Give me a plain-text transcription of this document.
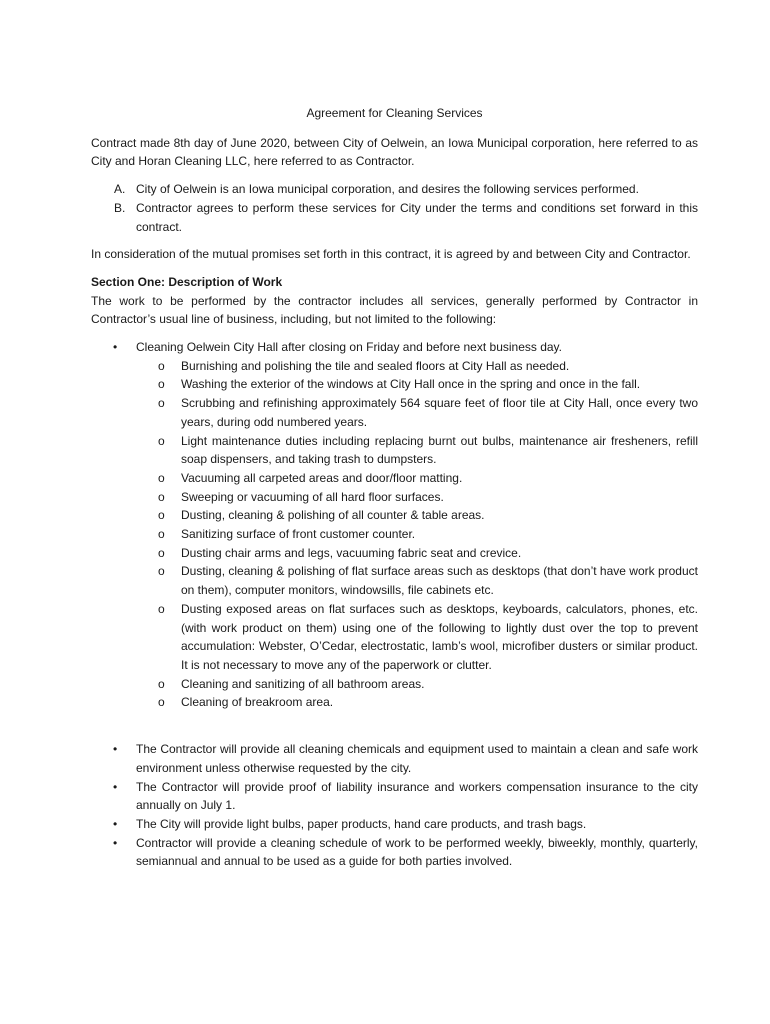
Agreement for Cleaning Services

Contract made 8th day of June 2020, between City of Oelwein, an Iowa Municipal corporation, here referred to as City and Horan Cleaning LLC, here referred to as Contractor.

A. City of Oelwein is an Iowa municipal corporation, and desires the following services performed.
B. Contractor agrees to perform these services for City under the terms and conditions set forward in this contract.

In consideration of the mutual promises set forth in this contract, it is agreed by and between City and Contractor.

Section One: Description of Work

The work to be performed by the contractor includes all services, generally performed by Contractor in Contractor’s usual line of business, including, but not limited to the following:

• Cleaning Oelwein City Hall after closing on Friday and before next business day.
o Burnishing and polishing the tile and sealed floors at City Hall as needed.
o Washing the exterior of the windows at City Hall once in the spring and once in the fall.
o Scrubbing and refinishing approximately 564 square feet of floor tile at City Hall, once every two years, during odd numbered years.
o Light maintenance duties including replacing burnt out bulbs, maintenance air fresheners, refill soap dispensers, and taking trash to dumpsters.
o Vacuuming all carpeted areas and door/floor matting.
o Sweeping or vacuuming of all hard floor surfaces.
o Dusting, cleaning & polishing of all counter & table areas.
o Sanitizing surface of front customer counter.
o Dusting chair arms and legs, vacuuming fabric seat and crevice.
o Dusting, cleaning & polishing of flat surface areas such as desktops (that don’t have work product on them), computer monitors, windowsills, file cabinets etc.
o Dusting exposed areas on flat surfaces such as desktops, keyboards, calculators, phones, etc. (with work product on them) using one of the following to lightly dust over the top to prevent accumulation: Webster, O’Cedar, electrostatic, lamb’s wool, microfiber dusters or similar product. It is not necessary to move any of the paperwork or clutter.
o Cleaning and sanitizing of all bathroom areas.
o Cleaning of breakroom area.
• The Contractor will provide all cleaning chemicals and equipment used to maintain a clean and safe work environment unless otherwise requested by the city.
• The Contractor will provide proof of liability insurance and workers compensation insurance to the city annually on July 1.
• The City will provide light bulbs, paper products, hand care products, and trash bags.
• Contractor will provide a cleaning schedule of work to be performed weekly, biweekly, monthly, quarterly, semiannual and annual to be used as a guide for both parties involved.
